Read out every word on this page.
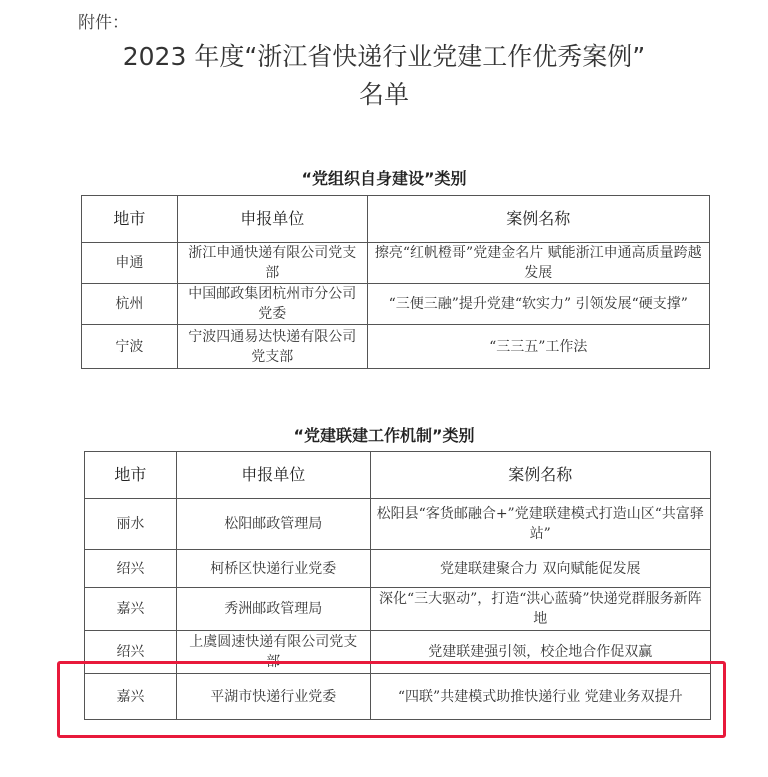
附件：
2023 年度“浙江省快递行业党建工作优秀案例”
名单
“党组织自身建设”类别
地市	申报单位	案例名称
申通	浙江申通快递有限公司党支部	擦亮“红帆橙哥”党建金名片 赋能浙江申通高质量跨越发展
杭州	中国邮政集团杭州市分公司党委	“三便三融”提升党建“软实力” 引领发展“硬支撑”
宁波	宁波四通易达快递有限公司党支部	“三三五”工作法
“党建联建工作机制”类别
地市	申报单位	案例名称
丽水	松阳邮政管理局	松阳县“客货邮融合+”党建联建模式打造山区“共富驿站”
绍兴	柯桥区快递行业党委	党建联建聚合力 双向赋能促发展
嘉兴	秀洲邮政管理局	深化“三大驱动”，打造“洪心蓝骑”快递党群服务新阵地
绍兴	上虞圆速快递有限公司党支部	党建联建强引领，校企地合作促双赢
嘉兴	平湖市快递行业党委	“四联”共建模式助推快递行业 党建业务双提升
